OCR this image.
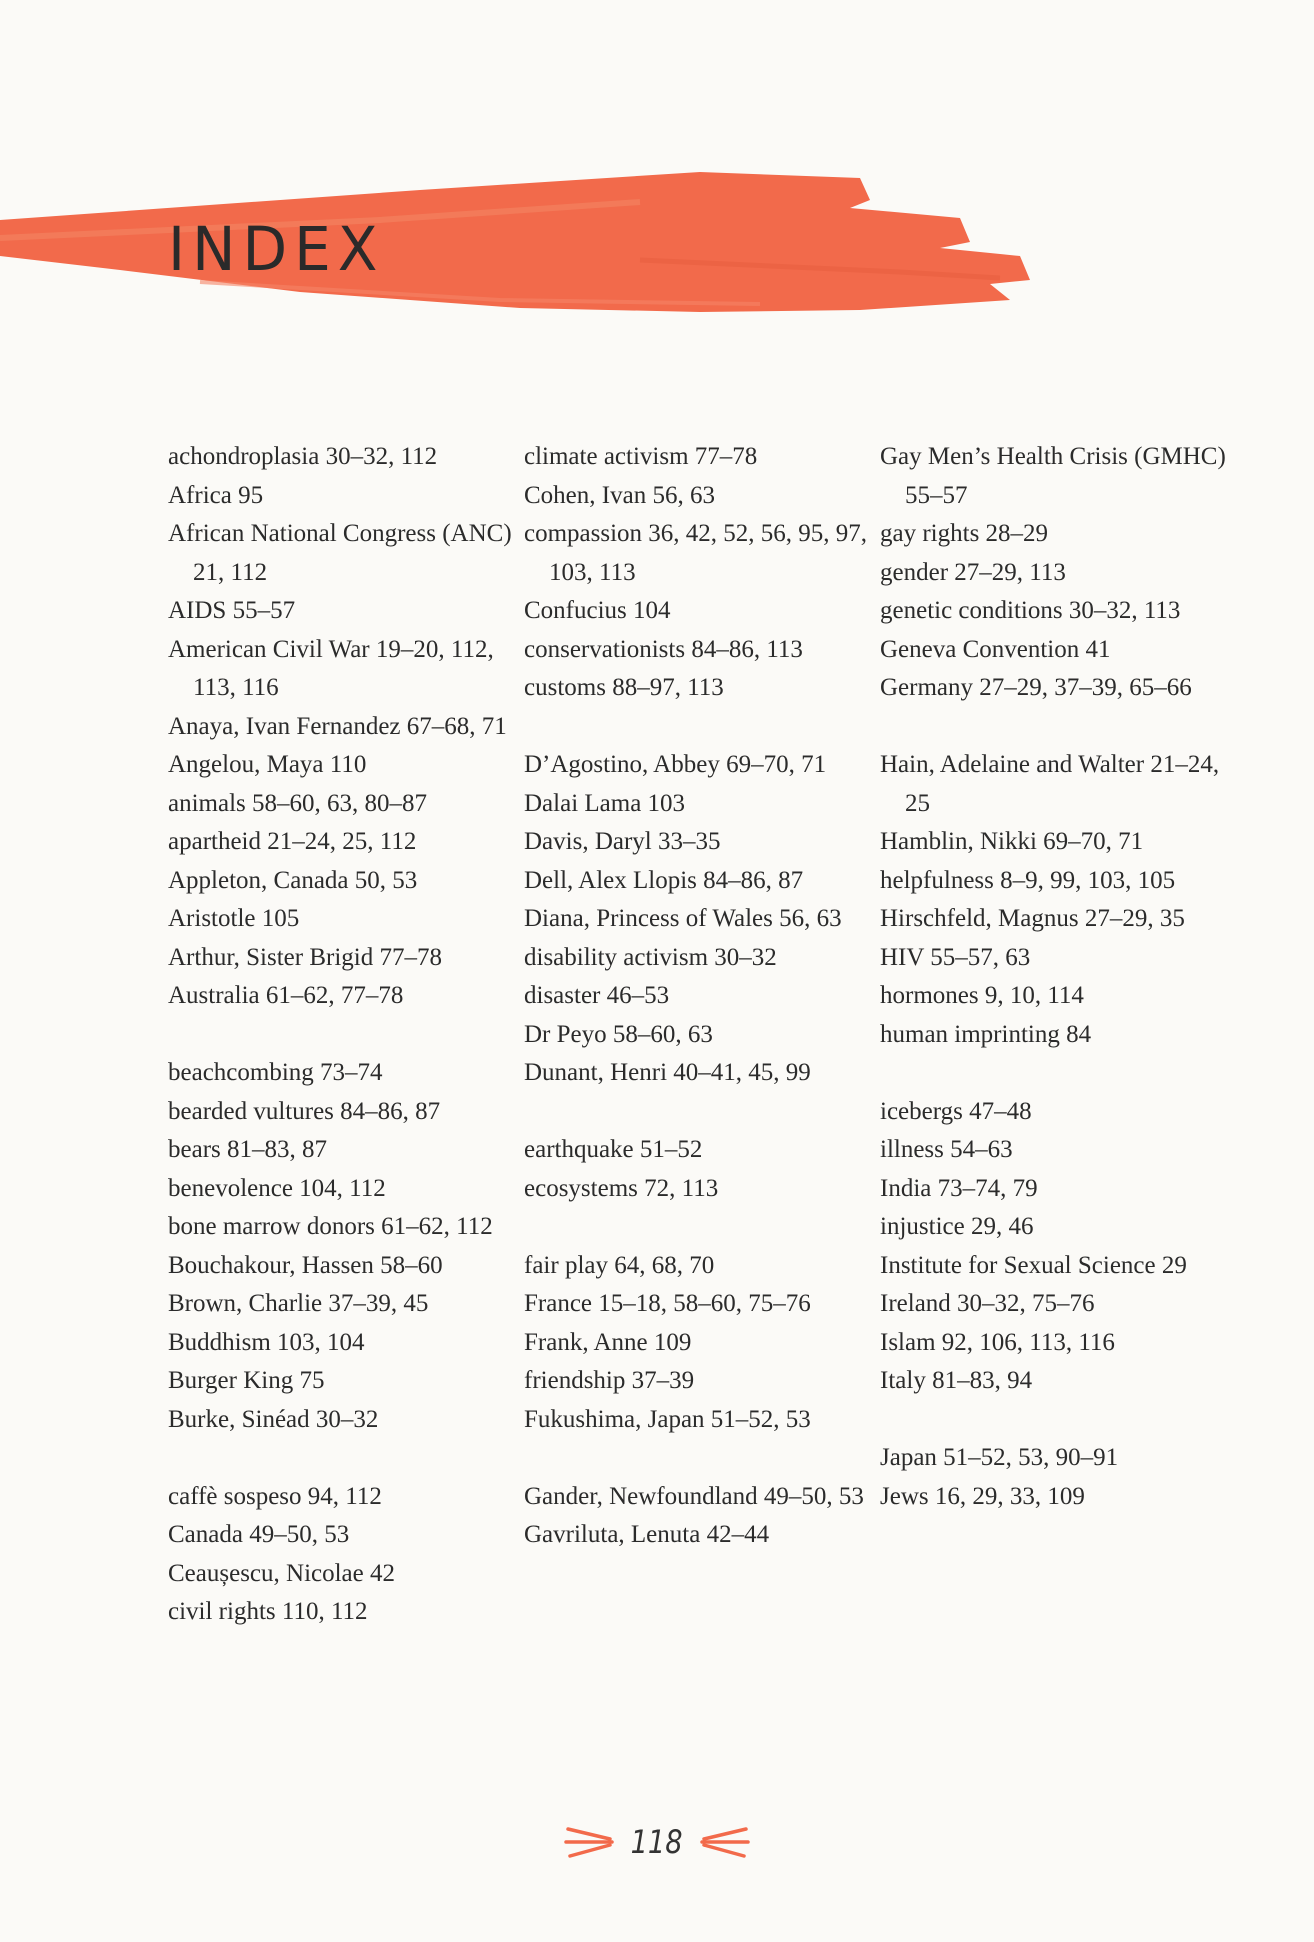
INDEX
achondroplasia 30–32, 112
Africa 95
African National Congress (ANC) 21, 112
AIDS 55–57
American Civil War 19–20, 112, 113, 116
Anaya, Ivan Fernandez 67–68, 71
Angelou, Maya 110
animals 58–60, 63, 80–87
apartheid 21–24, 25, 112
Appleton, Canada 50, 53
Aristotle 105
Arthur, Sister Brigid 77–78
Australia 61–62, 77–78
beachcombing 73–74
bearded vultures 84–86, 87
bears 81–83, 87
benevolence 104, 112
bone marrow donors 61–62, 112
Bouchakour, Hassen 58–60
Brown, Charlie 37–39, 45
Buddhism 103, 104
Burger King 75
Burke, Sinéad 30–32
caffè sospeso 94, 112
Canada 49–50, 53
Ceaușescu, Nicolae 42
civil rights 110, 112
climate activism 77–78
Cohen, Ivan 56, 63
compassion 36, 42, 52, 56, 95, 97, 103, 113
Confucius 104
conservationists 84–86, 113
customs 88–97, 113
D’Agostino, Abbey 69–70, 71
Dalai Lama 103
Davis, Daryl 33–35
Dell, Alex Llopis 84–86, 87
Diana, Princess of Wales 56, 63
disability activism 30–32
disaster 46–53
Dr Peyo 58–60, 63
Dunant, Henri 40–41, 45, 99
earthquake 51–52
ecosystems 72, 113
fair play 64, 68, 70
France 15–18, 58–60, 75–76
Frank, Anne 109
friendship 37–39
Fukushima, Japan 51–52, 53
Gander, Newfoundland 49–50, 53
Gavriluta, Lenuta 42–44
Gay Men’s Health Crisis (GMHC) 55–57
gay rights 28–29
gender 27–29, 113
genetic conditions 30–32, 113
Geneva Convention 41
Germany 27–29, 37–39, 65–66
Hain, Adelaine and Walter 21–24, 25
Hamblin, Nikki 69–70, 71
helpfulness 8–9, 99, 103, 105
Hirschfeld, Magnus 27–29, 35
HIV 55–57, 63
hormones 9, 10, 114
human imprinting 84
icebergs 47–48
illness 54–63
India 73–74, 79
injustice 29, 46
Institute for Sexual Science 29
Ireland 30–32, 75–76
Islam 92, 106, 113, 116
Italy 81–83, 94
Japan 51–52, 53, 90–91
Jews 16, 29, 33, 109
118
